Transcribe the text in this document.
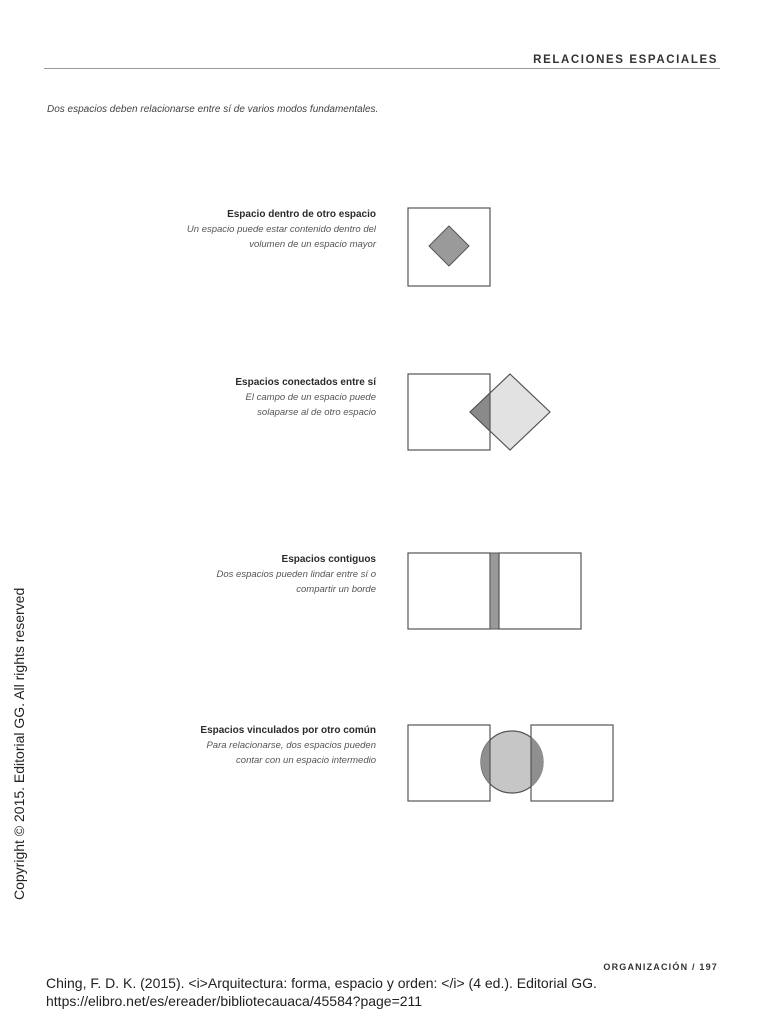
RELACIONES ESPACIALES
Dos espacios deben relacionarse entre sí de varios modos fundamentales.
Espacio dentro de otro espacio
Un espacio puede estar contenido dentro del
volumen de un espacio mayor
Espacios conectados entre sí
El campo de un espacio puede
solaparse al de otro espacio
Espacios contiguos
Dos espacios pueden lindar entre sí o
compartir un borde
Espacios vinculados por otro común
Para relacionarse, dos espacios pueden
contar con un espacio intermedio
Copyright © 2015. Editorial GG. All rights reserved
ORGANIZACIÓN / 197
Ching, F. D. K. (2015). <i>Arquitectura: forma, espacio y orden: </i> (4 ed.). Editorial GG. https://elibro.net/es/ereader/bibliotecauaca/45584?page=211
